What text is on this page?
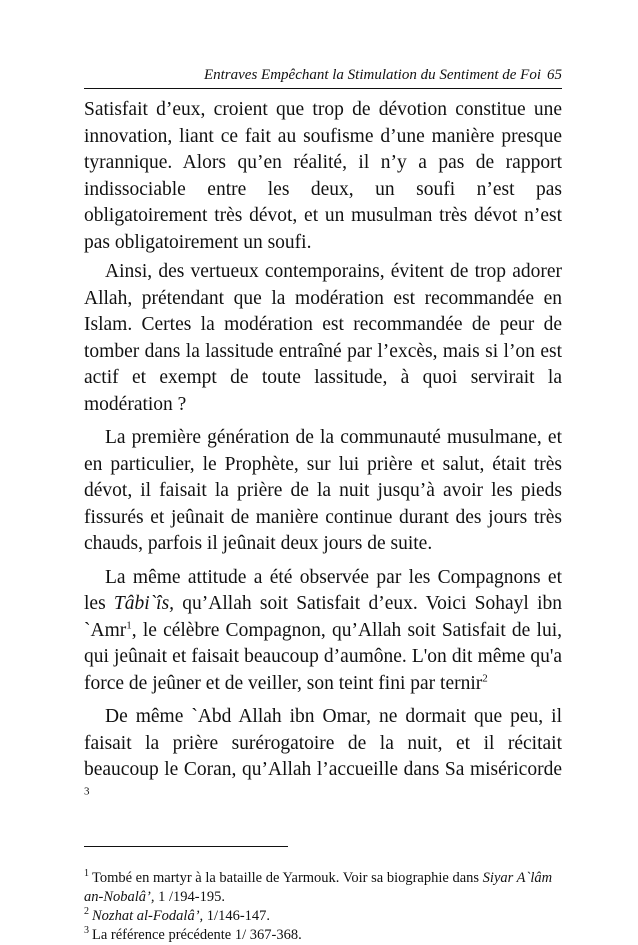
Entraves Empêchant la Stimulation du Sentiment de Foi 65

Satisfait d’eux, croient que trop de dévotion constitue une innovation, liant ce fait au soufisme d’une manière presque tyrannique. Alors qu’en réalité, il n’y a pas de rapport indissociable entre les deux, un soufi n’est pas obligatoirement très dévot, et un musulman très dévot n’est pas obligatoirement un soufi.

Ainsi, des vertueux contemporains, évitent de trop adorer Allah, prétendant que la modération est recommandée en Islam. Certes la modération est recommandée de peur de tomber dans la lassitude entraîné par l’excès, mais si l’on est actif et exempt de toute lassitude, à quoi servirait la modération ?

La première génération de la communauté musulmane, et en particulier, le Prophète, sur lui prière et salut, était très dévot, il faisait la prière de la nuit jusqu’à avoir les pieds fissurés et jeûnait de manière continue durant des jours très chauds, parfois il jeûnait deux jours de suite.

La même attitude a été observée par les Compagnons et les Tâbi`îs, qu’Allah soit Satisfait d’eux. Voici Sohayl ibn `Amr$^1$, le célèbre Compagnon, qu’Allah soit Satisfait de lui, qui jeûnait et faisait beaucoup d’aumône. L'on dit même qu'a force de jeûner et de veiller, son teint fini par ternir$^2$

De même `Abd Allah ibn Omar, ne dormait que peu, il faisait la prière surérogatoire de la nuit, et il récitait beaucoup le Coran, qu’Allah l’accueille dans Sa miséricorde $^3$

$^1$ Tombé en martyr à la bataille de Yarmouk. Voir sa biographie dans Siyar A`lâm an-Nobalâ’, 1 /194-195.

$^2$ Nozhat al-Fodalâ’, 1/146-147.

$^3$ La référence précédente 1/ 367-368.
